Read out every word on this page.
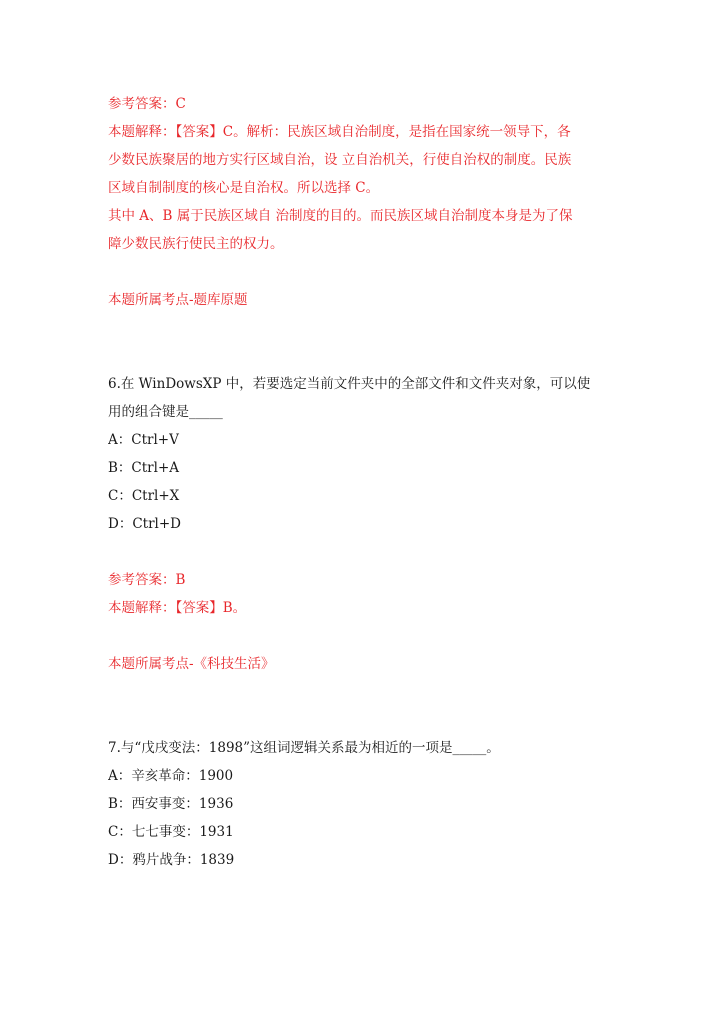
参考答案：C
本题解释：【答案】C。解析：民族区域自治制度，是指在国家统一领导下，各
少数民族聚居的地方实行区域自治，设 立自治机关，行使自治权的制度。民族
区域自制制度的核心是自治权。所以选择 C。
其中 A、B 属于民族区域自 治制度的目的。而民族区域自治制度本身是为了保
障少数民族行使民主的权力。
本题所属考点-题库原题
6.在 WinDowsXP 中，若要选定当前文件夹中的全部文件和文件夹对象，可以使
用的组合键是_____
A：Ctrl+V
B：Ctrl+A
C：Ctrl+X
D：Ctrl+D
参考答案：B
本题解释：【答案】B。
本题所属考点-《科技生活》
7.与“戊戌变法：1898”这组词逻辑关系最为相近的一项是_____。
A：辛亥革命：1900
B：西安事变：1936
C：七七事变：1931
D：鸦片战争：1839
